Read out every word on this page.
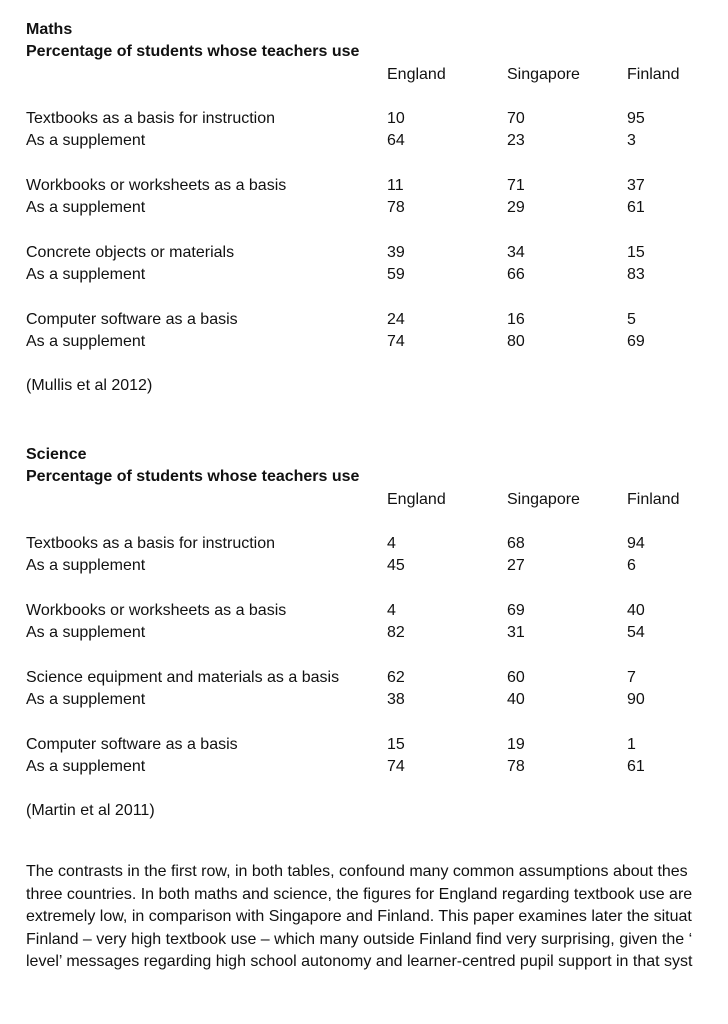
Maths
Percentage of students whose teachers use
England	Singapore	Finland
Textbooks as a basis for instruction	10	70	95
As a supplement	64	23	3
Workbooks or worksheets as a basis	11	71	37
As a supplement	78	29	61
Concrete objects or materials	39	34	15
As a supplement	59	66	83
Computer software as a basis	24	16	5
As a supplement	74	80	69
(Mullis et al 2012)
Science
Percentage of students whose teachers use
England	Singapore	Finland
Textbooks as a basis for instruction	4	68	94
As a supplement	45	27	6
Workbooks or worksheets as a basis	4	69	40
As a supplement	82	31	54
Science equipment and materials as a basis	62	60	7
As a supplement	38	40	90
Computer software as a basis	15	19	1
As a supplement	74	78	61
(Martin et al 2011)
The contrasts in the first row, in both tables, confound many common assumptions about thes
three countries. In both maths and science, the figures for England regarding textbook use are
extremely low, in comparison with Singapore and Finland. This paper examines later the situat
Finland – very high textbook use – which many outside Finland find very surprising, given the ‘
level’ messages regarding high school autonomy and learner-centred pupil support in that syst
